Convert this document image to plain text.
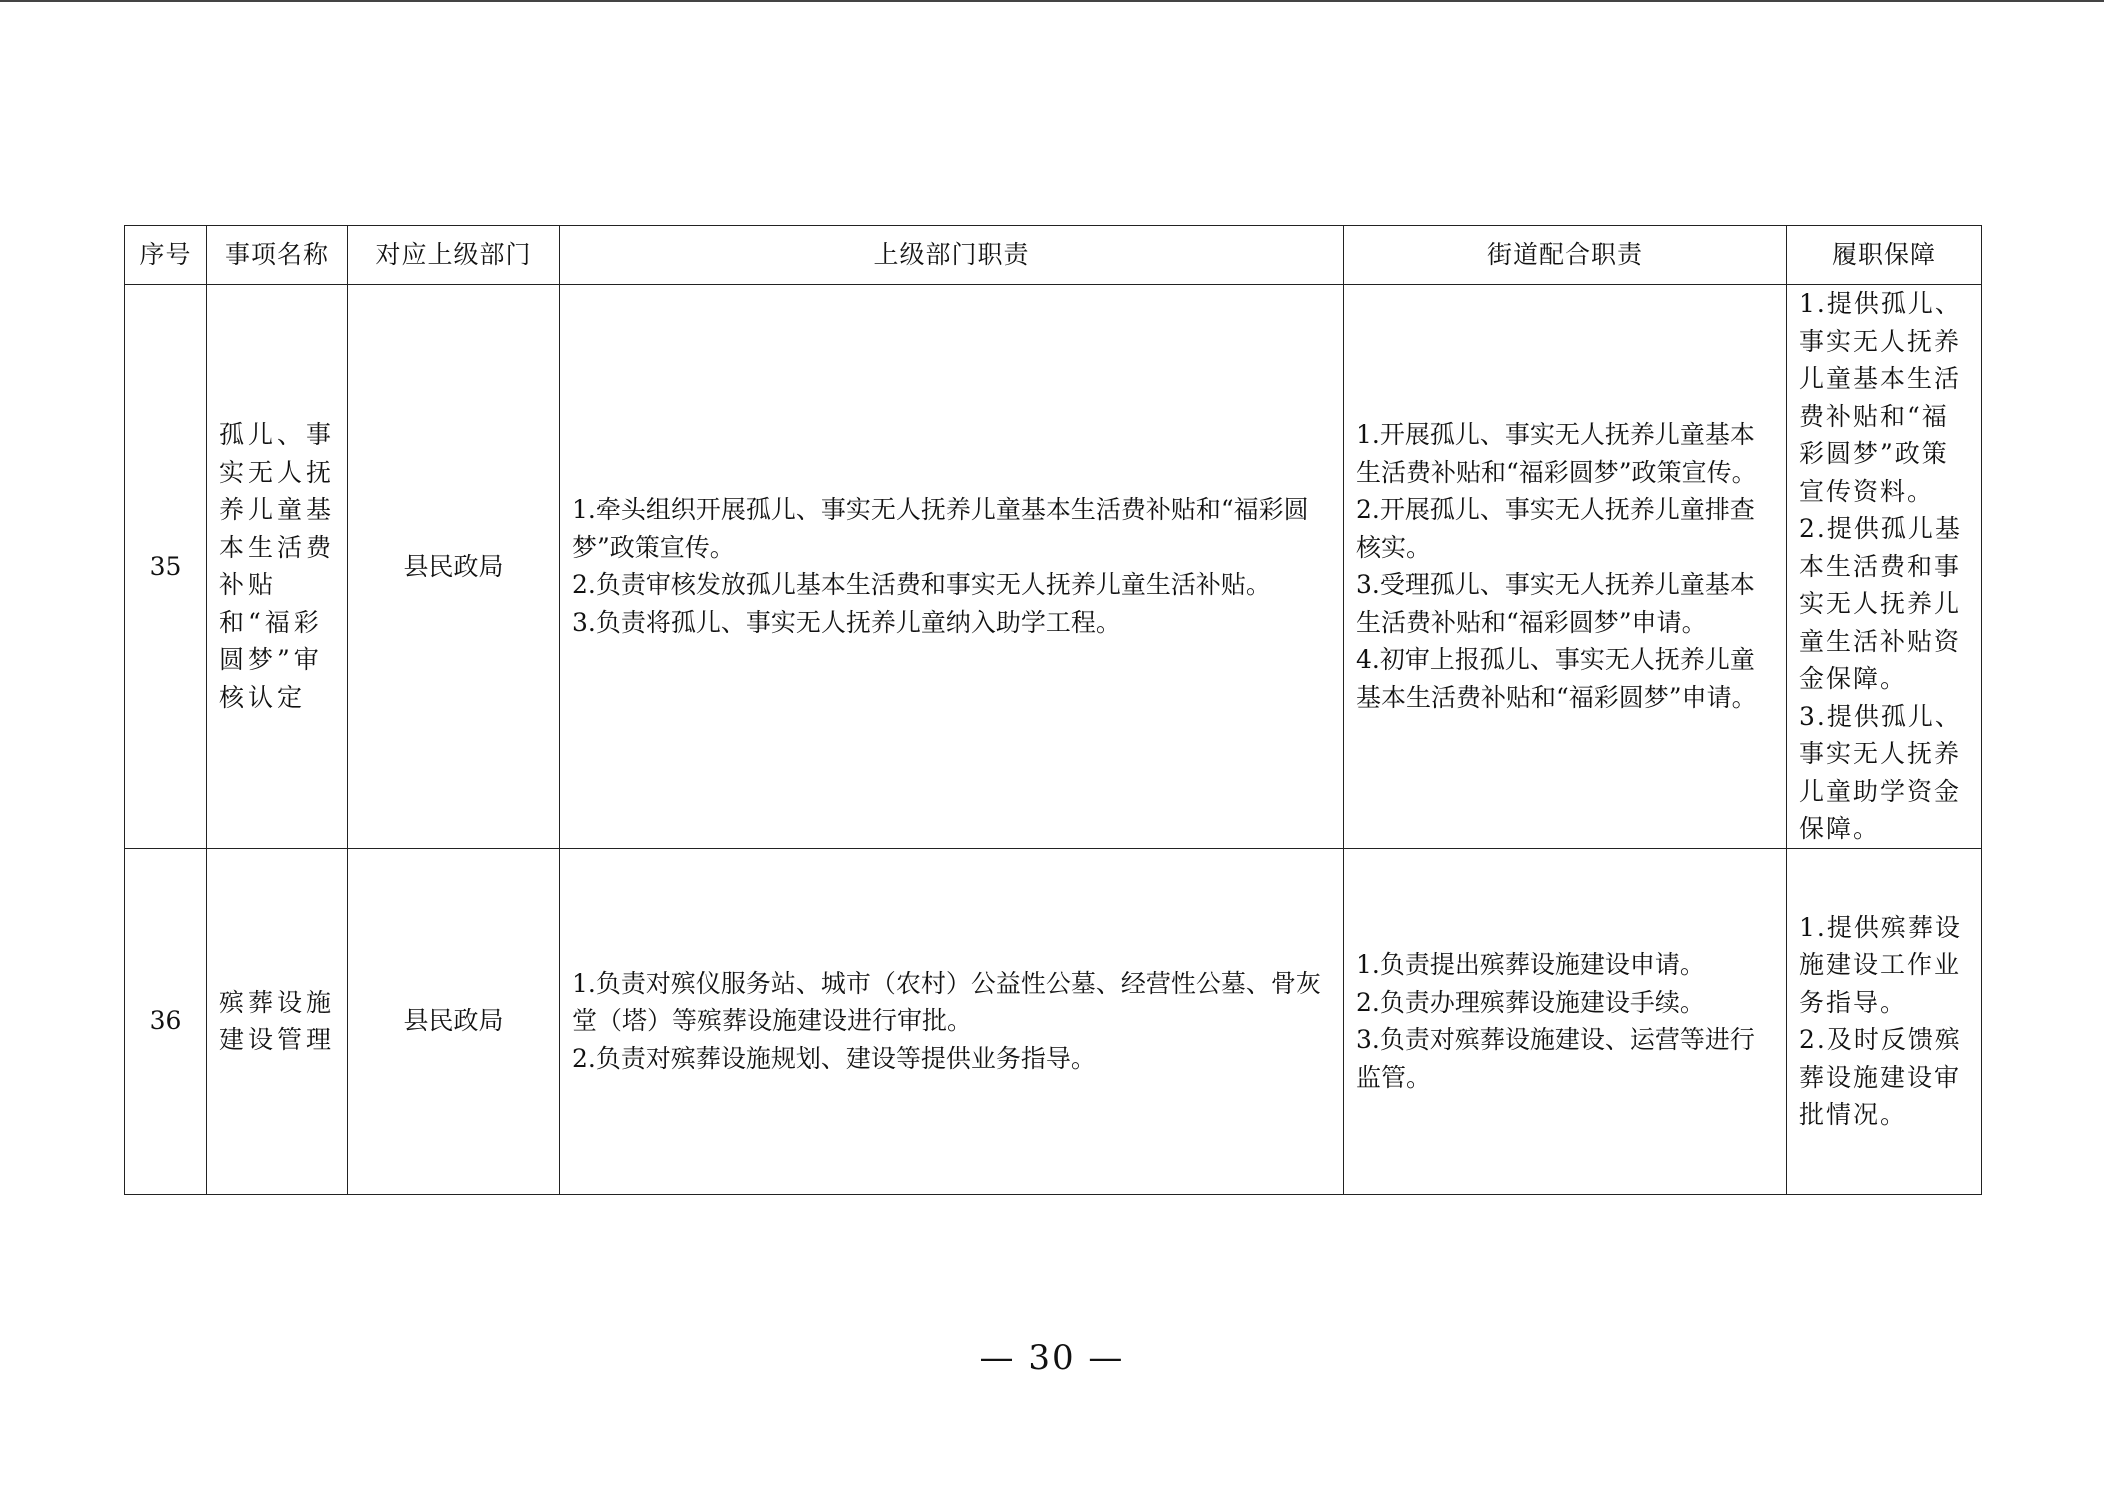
序号	事项名称	对应上级部门	上级部门职责	街道配合职责	履职保障
35	孤儿、事实无人抚养儿童基本生活费补贴和“福彩圆梦”审核认定	县民政局	1.牵头组织开展孤儿、事实无人抚养儿童基本生活费补贴和“福彩圆梦”政策宣传。
2.负责审核发放孤儿基本生活费和事实无人抚养儿童生活补贴。
3.负责将孤儿、事实无人抚养儿童纳入助学工程。	1.开展孤儿、事实无人抚养儿童基本生活费补贴和“福彩圆梦”政策宣传。
2.开展孤儿、事实无人抚养儿童排查核实。
3.受理孤儿、事实无人抚养儿童基本生活费补贴和“福彩圆梦”申请。
4.初审上报孤儿、事实无人抚养儿童基本生活费补贴和“福彩圆梦”申请。	1.提供孤儿、事实无人抚养儿童基本生活费补贴和“福彩圆梦”政策宣传资料。
2.提供孤儿基本生活费和事实无人抚养儿童生活补贴资金保障。
3.提供孤儿、事实无人抚养儿童助学资金保障。

36	殡葬设施建设管理	县民政局	1.负责对殡仪服务站、城市（农村）公益性公墓、经营性公墓、骨灰堂（塔）等殡葬设施建设进行审批。
2.负责对殡葬设施规划、建设等提供业务指导。	1.负责提出殡葬设施建设申请。
2.负责办理殡葬设施建设手续。
3.负责对殡葬设施建设、运营等进行监管。	1.提供殡葬设施建设工作业务指导。
2.及时反馈殡葬设施建设审批情况。
— 30 —
